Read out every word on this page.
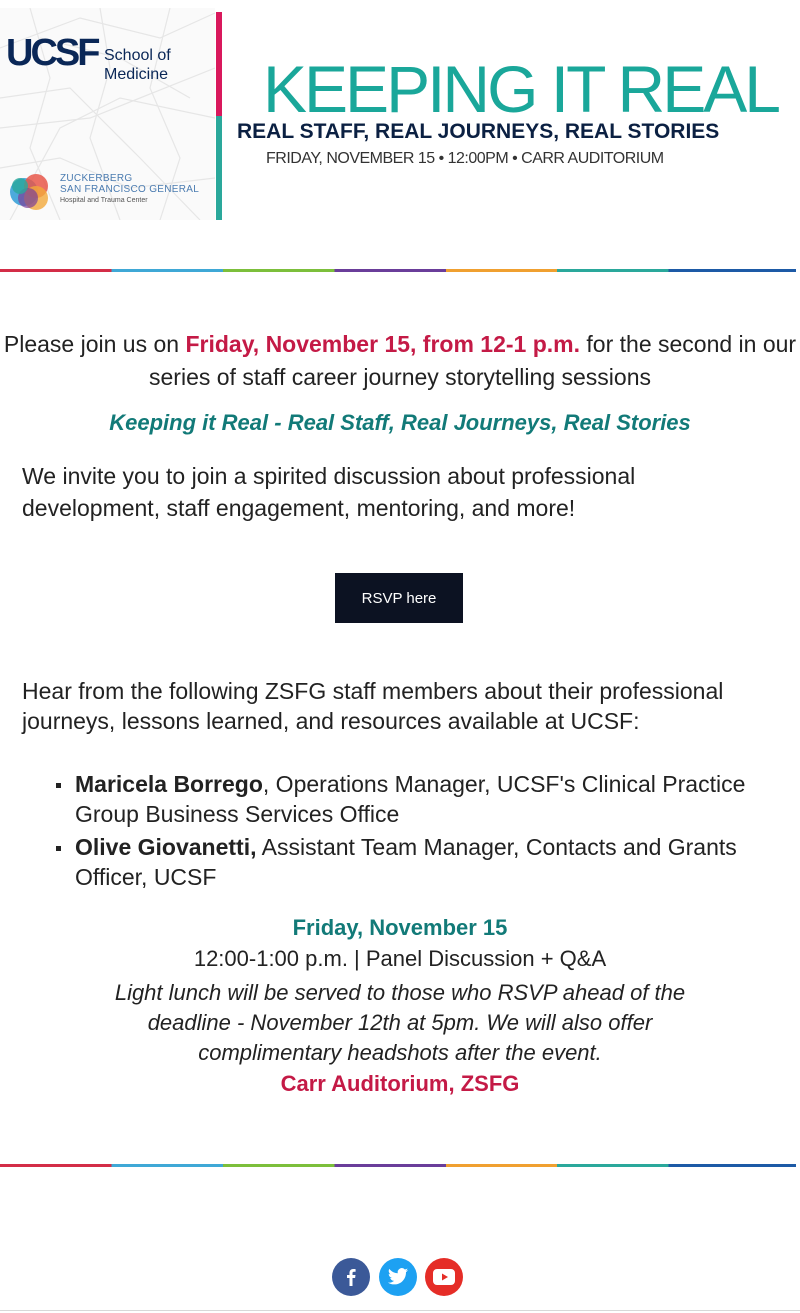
UCSF School of
Medicine
ZUCKERBERG
SAN FRANCISCO GENERAL
Hospital and Trauma Center
KEEPING IT REAL
REAL STAFF, REAL JOURNEYS, REAL STORIES
FRIDAY, NOVEMBER 15 • 12:00PM • CARR AUDITORIUM
Please join us on Friday, November 15, from 12-1 p.m. for the second in our series of staff career journey storytelling sessions
Keeping it Real - Real Staff, Real Journeys, Real Stories
We invite you to join a spirited discussion about professional development, staff engagement, mentoring, and more!
RSVP here
Hear from the following ZSFG staff members about their professional journeys, lessons learned, and resources available at UCSF:
Maricela Borrego, Operations Manager, UCSF's Clinical Practice Group Business Services Office
Olive Giovanetti, Assistant Team Manager, Contacts and Grants Officer, UCSF
Friday, November 15
12:00-1:00 p.m. | Panel Discussion + Q&A
Light lunch will be served to those who RSVP ahead of the
deadline - November 12th at 5pm. We will also offer
complimentary headshots after the event.
Carr Auditorium, ZSFG
